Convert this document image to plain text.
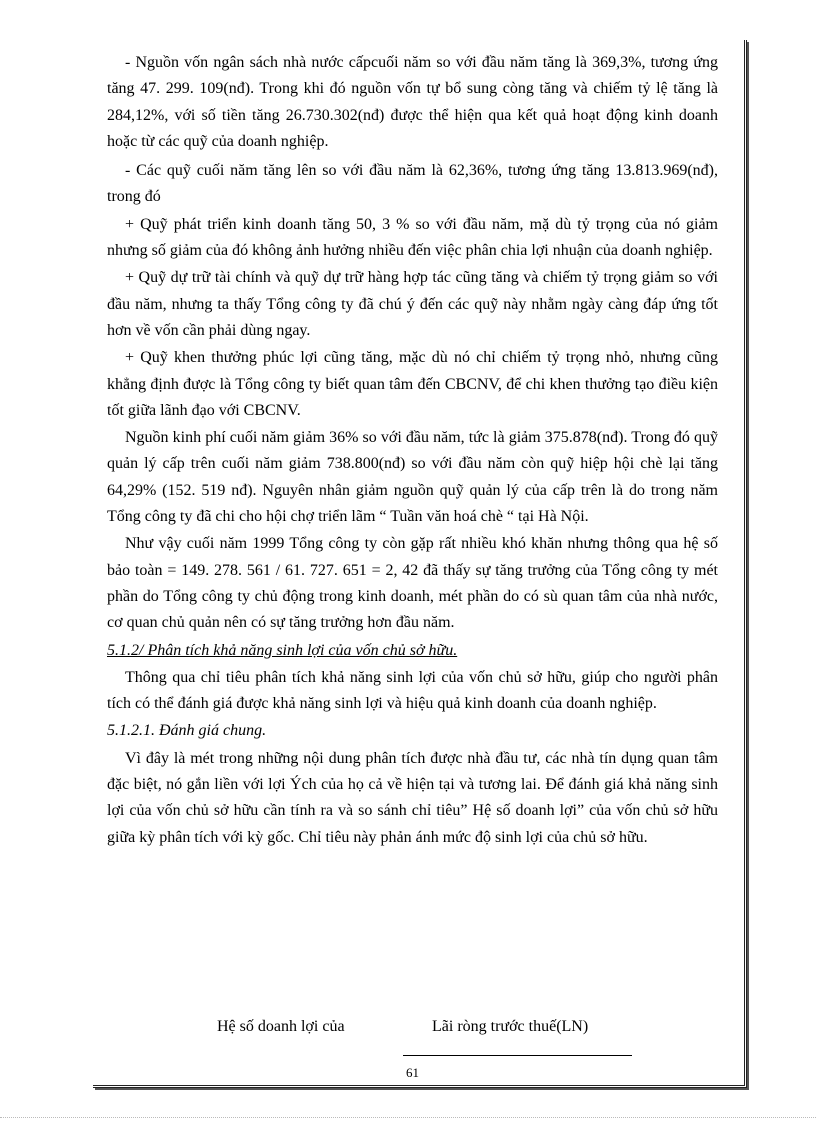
- Nguồn vốn ngân sách nhà nước cấpcuối năm so với đầu năm tăng là 369,3%, tương ứng tăng 47. 299. 109(nđ). Trong khi đó nguồn vốn tự bổ sung còng tăng và chiếm tỷ lệ tăng là 284,12%, với số tiền tăng 26.730.302(nđ) được thể hiện qua kết quả hoạt động kinh doanh hoặc từ các quỹ của doanh nghiệp.

- Các quỹ cuối năm tăng lên so với đầu năm là 62,36%, tương ứng tăng 13.813.969(nđ), trong đó

+ Quỹ phát triển kinh doanh tăng 50, 3 % so với đầu năm, mặ dù tỷ trọng của nó giảm nhưng số giảm của đó không ảnh hưởng nhiều đến việc phân chia lợi nhuận của doanh nghiệp.

+ Quỹ dự trữ tài chính và quỹ dự trữ hàng hợp tác cũng tăng và chiếm tỷ trọng giảm so với đầu năm, nhưng ta thấy Tổng công ty đã chú ý đến các quỹ này nhằm ngày càng đáp ứng tốt hơn về vốn cần phải dùng ngay.

+ Quỹ khen thưởng phúc lợi cũng tăng, mặc dù nó chỉ chiếm tỷ trọng nhỏ, nhưng cũng khẳng định được là Tổng công ty biết quan tâm đến CBCNV, để chi khen thưởng tạo điều kiện tốt giữa lãnh đạo với CBCNV.

Nguồn kinh phí cuối năm giảm 36% so với đầu năm, tức là giảm 375.878(nđ). Trong đó quỹ quản lý cấp trên cuối năm giảm 738.800(nđ) so với đầu năm còn quỹ hiệp hội chè lại tăng 64,29% (152. 519 nđ). Nguyên nhân giảm nguồn quỹ quản lý của cấp trên là do trong năm Tổng công ty đã chi cho hội chợ triển lãm “ Tuần văn hoá chè “ tại Hà Nội.

Như vậy cuối năm 1999 Tổng công ty còn gặp rất nhiều khó khăn nhưng thông qua hệ số bảo toàn = 149. 278. 561 / 61. 727. 651 = 2, 42 đã thấy sự tăng trưởng của Tổng công ty mét phần do Tổng công ty chủ động trong kinh doanh, mét phần do có sù quan tâm của nhà nước, cơ quan chủ quản nên có sự tăng trưởng hơn đầu năm.

5.1.2/ Phân tích khả năng sinh lợi của vốn chủ sở hữu.

Thông qua chỉ tiêu phân tích khả năng sinh lợi của vốn chủ sở hữu, giúp cho người phân tích có thể đánh giá được khả năng sinh lợi và hiệu quả kinh doanh của doanh nghiệp.

5.1.2.1. Đánh giá chung.

Vì đây là mét trong những nội dung phân tích được nhà đầu tư, các nhà tín dụng quan tâm đặc biệt, nó gắn liền với lợi Ých của họ cả về hiện tại và tương lai. Để đánh giá khả năng sinh lợi của vốn chủ sở hữu cần tính ra và so sánh chỉ tiêu” Hệ số doanh lợi” của vốn chủ sở hữu giữa kỳ phân tích với kỳ gốc. Chỉ tiêu này phản ánh mức độ sinh lợi của chủ sở hữu.

Hệ số doanh lợi của	Lãi ròng trước thuế(LN)
61
